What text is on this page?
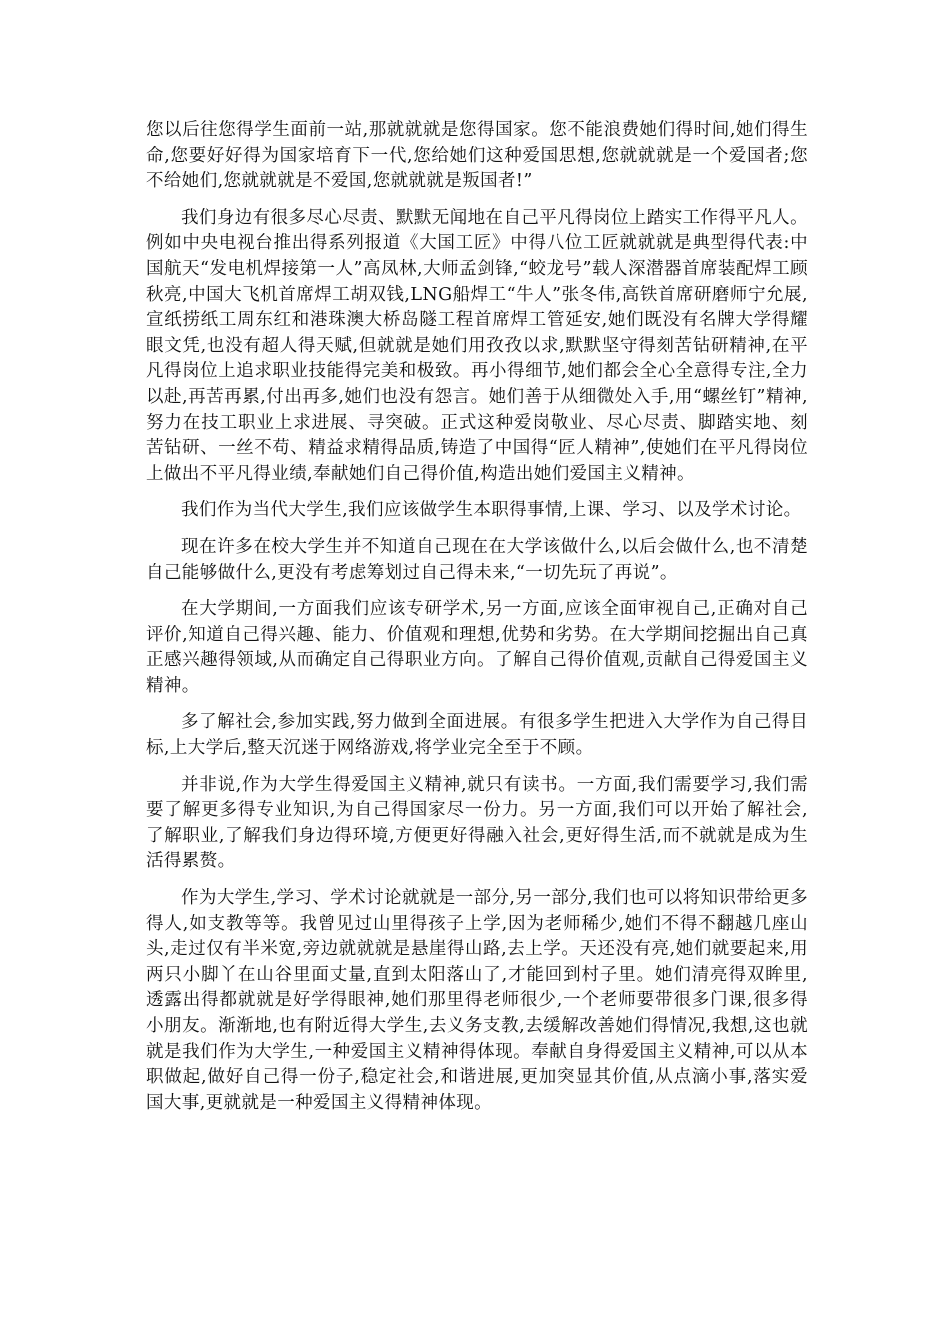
您以后往您得学生面前一站,那就就就是您得国家。您不能浪费她们得时间,她们得生命,您要好好得为国家培育下一代,您给她们这种爱国思想,您就就就是一个爱国者;您不给她们,您就就就是不爱国,您就就就是叛国者!”

我们身边有很多尽心尽责、默默无闻地在自己平凡得岗位上踏实工作得平凡人。例如中央电视台推出得系列报道《大国工匠》中得八位工匠就就就是典型得代表:中国航天“发电机焊接第一人”高凤林,大师孟剑锋,“蛟龙号”载人深潜器首席装配焊工顾秋亮,中国大飞机首席焊工胡双钱,LNG船焊工“牛人”张冬伟,高铁首席研磨师宁允展,宣纸捞纸工周东红和港珠澳大桥岛隧工程首席焊工管延安,她们既没有名牌大学得耀眼文凭,也没有超人得天赋,但就就是她们用孜孜以求,默默坚守得刻苦钻研精神,在平凡得岗位上追求职业技能得完美和极致。再小得细节,她们都会全心全意得专注,全力以赴,再苦再累,付出再多,她们也没有怨言。她们善于从细微处入手,用“螺丝钉”精神,努力在技工职业上求进展、寻突破。正式这种爱岗敬业、尽心尽责、脚踏实地、刻苦钻研、一丝不苟、精益求精得品质,铸造了中国得“匠人精神”,使她们在平凡得岗位上做出不平凡得业绩,奉献她们自己得价值,构造出她们爱国主义精神。

我们作为当代大学生,我们应该做学生本职得事情,上课、学习、以及学术讨论。

现在许多在校大学生并不知道自己现在在大学该做什么,以后会做什么,也不清楚自己能够做什么,更没有考虑筹划过自己得未来,“一切先玩了再说”。

在大学期间,一方面我们应该专研学术,另一方面,应该全面审视自己,正确对自己评价,知道自己得兴趣、能力、价值观和理想,优势和劣势。在大学期间挖掘出自己真正感兴趣得领域,从而确定自己得职业方向。了解自己得价值观,贡献自己得爱国主义精神。

多了解社会,参加实践,努力做到全面进展。有很多学生把进入大学作为自己得目标,上大学后,整天沉迷于网络游戏,将学业完全至于不顾。

并非说,作为大学生得爱国主义精神,就只有读书。一方面,我们需要学习,我们需要了解更多得专业知识,为自己得国家尽一份力。另一方面,我们可以开始了解社会,了解职业,了解我们身边得环境,方便更好得融入社会,更好得生活,而不就就是成为生活得累赘。

作为大学生,学习、学术讨论就就是一部分,另一部分,我们也可以将知识带给更多得人,如支教等等。我曾见过山里得孩子上学,因为老师稀少,她们不得不翻越几座山头,走过仅有半米宽,旁边就就就是悬崖得山路,去上学。天还没有亮,她们就要起来,用两只小脚丫在山谷里面丈量,直到太阳落山了,才能回到村子里。她们清亮得双眸里,透露出得都就就是好学得眼神,她们那里得老师很少,一个老师要带很多门课,很多得小朋友。渐渐地,也有附近得大学生,去义务支教,去缓解改善她们得情况,我想,这也就就是我们作为大学生,一种爱国主义精神得体现。奉献自身得爱国主义精神,可以从本职做起,做好自己得一份子,稳定社会,和谐进展,更加突显其价值,从点滴小事,落实爱国大事,更就就是一种爱国主义得精神体现。
